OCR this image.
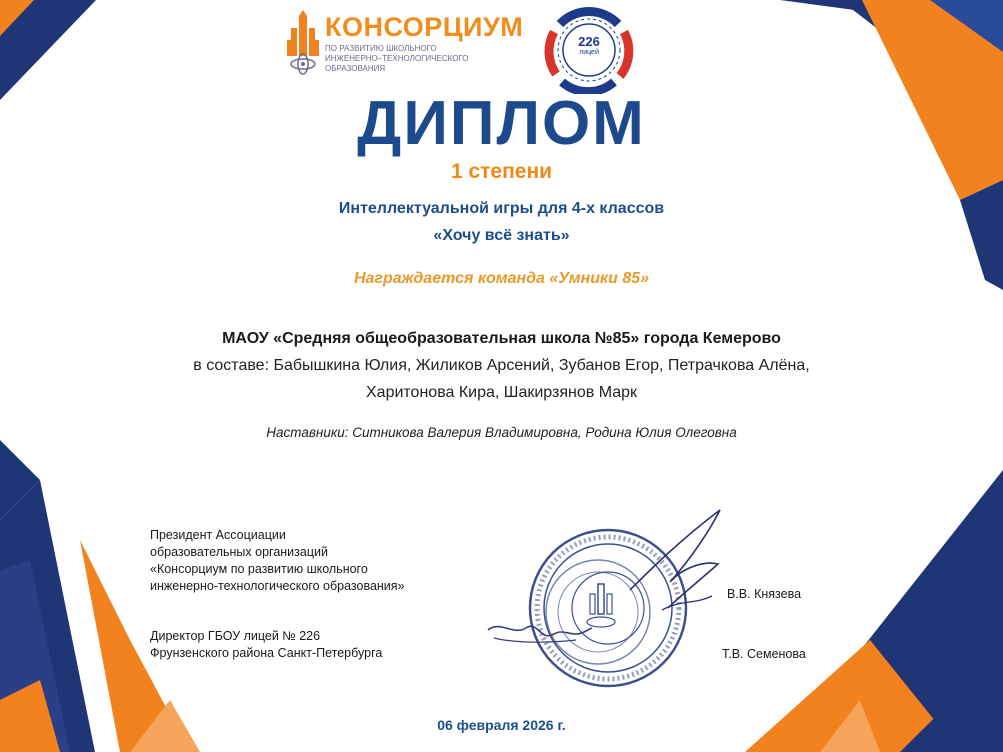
КОНСОРЦИУМ
ПО РАЗВИТИЮ ШКОЛЬНОГО
ИНЖЕНЕРНО–ТЕХНОЛОГИЧЕСКОГО
ОБРАЗОВАНИЯ
226
лицей
ДИПЛОМ
1 степени
Интеллектуальной игры для 4-х классов
«Хочу всё знать»
Награждается команда «Умники 85»
МАОУ «Средняя общеобразовательная школа №85» города Кемерово
в составе: Бабышкина Юлия, Жиликов Арсений, Зубанов Егор, Петрачкова Алёна,
Харитонова Кира, Шакирзянов Марк
Наставники: Ситникова Валерия Владимировна, Родина Юлия Олеговна
Президент Ассоциации
образовательных организаций
«Консорциум по развитию школьного
инженерно-технологического образования»
В.В. Князева
Директор ГБОУ лицей № 226
Фрунзенского района Санкт-Петербурга	Т.В. Семенова
06 февраля 2026 г.
